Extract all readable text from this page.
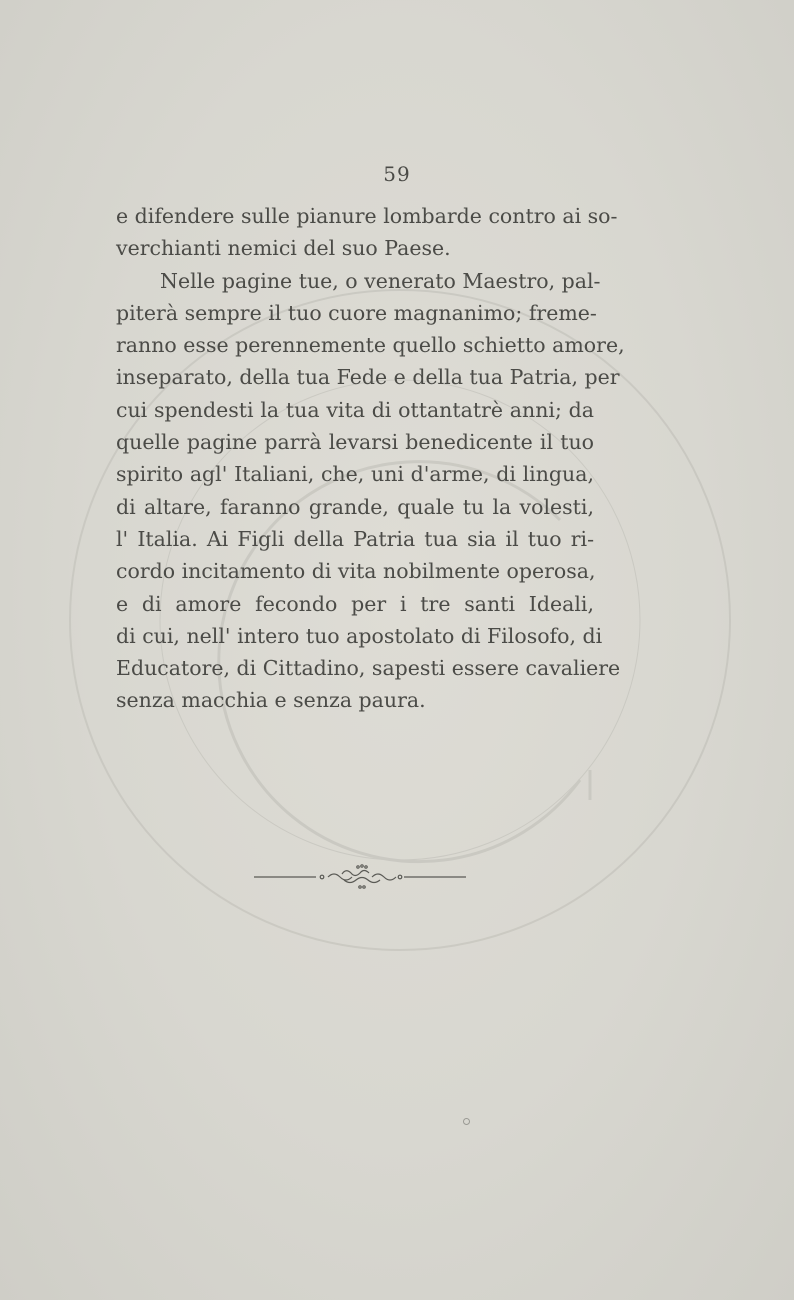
59
e difendere sulle pianure lombarde contro ai so-
verchianti nemici del suo Paese.
Nelle pagine tue, o venerato Maestro, pal-
piterà sempre il tuo cuore magnanimo; freme-
ranno esse perennemente quello schietto amore,
inseparato, della tua Fede e della tua Patria, per
cui spendesti la tua vita di ottantatrè anni; da
quelle pagine parrà levarsi benedicente il tuo
spirito agl' Italiani, che, uni d'arme, di lingua,
di altare, faranno grande, quale tu la volesti,
l' Italia. Ai Figli della Patria tua sia il tuo ri-
cordo incitamento di vita nobilmente operosa,
e di amore fecondo per i tre santi Ideali,
di cui, nell' intero tuo apostolato di Filosofo, di
Educatore, di Cittadino, sapesti essere cavaliere
senza macchia e senza paura.
